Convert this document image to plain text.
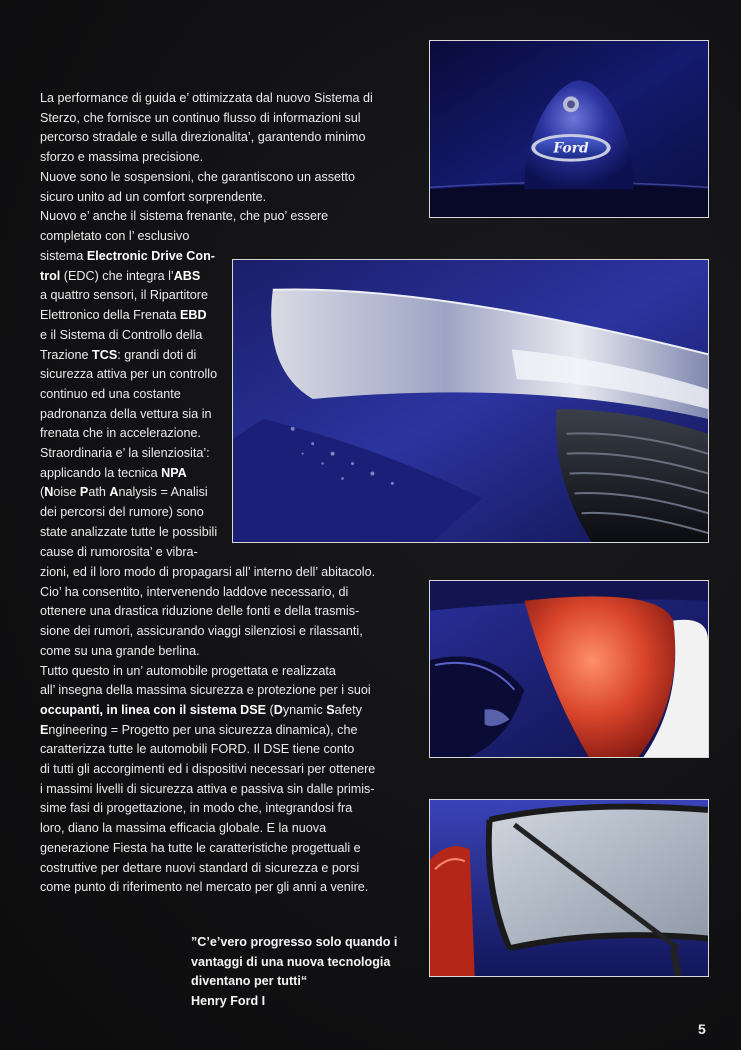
La performance di guida e’ ottimizzata dal nuovo Sistema di
Sterzo, che fornisce un continuo flusso di informazioni sul
percorso stradale e sulla direzionalita’, garantendo minimo
sforzo e massima precisione.
Nuove sono le sospensioni, che garantiscono un assetto
sicuro unito ad un comfort sorprendente.
Nuovo e’ anche il sistema frenante, che puo’ essere
completato con l’ esclusivo
sistema Electronic Drive Con-
trol (EDC) che integra l’ABS
a quattro sensori, il Ripartitore
Elettronico della Frenata EBD
e il Sistema di Controllo della
Trazione TCS: grandi doti di
sicurezza attiva per un controllo
continuo ed una costante
padronanza della vettura sia in
frenata che in accelerazione.
Straordinaria e’ la silenziosita’:
applicando la tecnica NPA
(Noise Path Analysis = Analisi
dei percorsi del rumore) sono
state analizzate tutte le possibili
cause di rumorosita’ e vibra-
zioni, ed il loro modo di propagarsi all’ interno dell’ abitacolo.
Cio’ ha consentito, intervenendo laddove necessario, di
ottenere una drastica riduzione delle fonti e della trasmis-
sione dei rumori, assicurando viaggi silenziosi e rilassanti,
come su una grande berlina.
Tutto questo in un’ automobile progettata e realizzata
all’ insegna della massima sicurezza e protezione per i suoi
occupanti, in linea con il sistema DSE (Dynamic Safety
Engineering = Progetto per una sicurezza dinamica), che
caratterizza tutte le automobili FORD. Il DSE tiene conto
di tutti gli accorgimenti ed i dispositivi necessari per ottenere
i massimi livelli di sicurezza attiva e passiva sin dalle primis-
sime fasi di progettazione, in modo che, integrandosi fra
loro, diano la massima efficacia globale. E la nuova
generazione Fiesta ha tutte le caratteristiche progettuali e
costruttive per dettare nuovi standard di sicurezza e porsi
come punto di riferimento nel mercato per gli anni a venire.
Ford
”C’e’vero progresso solo quando i
vantaggi di una nuova tecnologia
diventano per tutti“
Henry Ford I
5
